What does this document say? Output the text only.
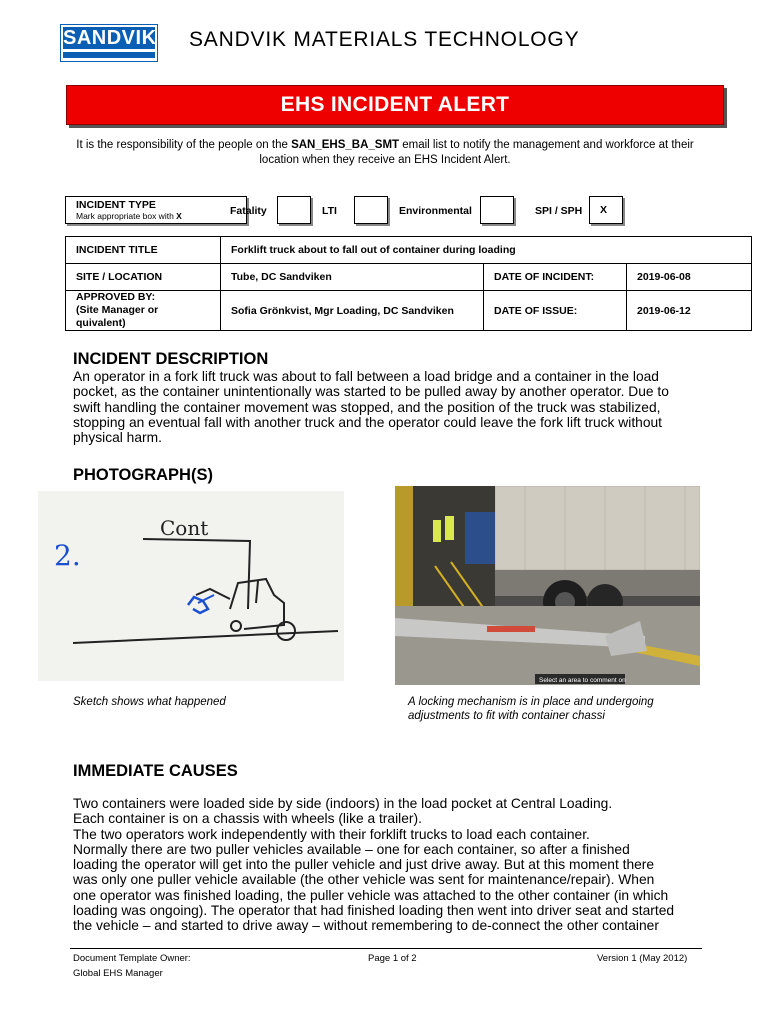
SANDVIK SANDVIK MATERIALS TECHNOLOGY
EHS INCIDENT ALERT
It is the responsibility of the people on the SAN_EHS_BA_SMT email list to notify the management and workforce at their location when they receive an EHS Incident Alert.
INCIDENT TYPE
Mark appropriate box with X	Fatality	LTI	Environmental	SPI / SPH	X
INCIDENT TITLE	Forklift truck about to fall out of container during loading		
SITE / LOCATION	Tube, DC Sandviken	DATE OF INCIDENT:	2019-06-08

APPROVED BY:
(Site Manager or quivalent)	Sofia Grönkvist, Mgr Loading, DC Sandviken	DATE OF ISSUE:	2019-06-12
INCIDENT DESCRIPTION
An operator in a fork lift truck was about to fall between a load bridge and a container in the load
pocket, as the container unintentionally was started to be pulled away by another operator. Due to
swift handling the container movement was stopped, and the position of the truck was stabilized,
stopping an eventual fall with another truck and the operator could leave the fork lift truck without
physical harm.
PHOTOGRAPH(S)
Cont
2.
Select an area to comment on
Sketch shows what happened	A locking mechanism is in place and undergoing
adjustments to fit with container chassi
IMMEDIATE CAUSES
Two containers were loaded side by side (indoors) in the load pocket at Central Loading.
Each container is on a chassis with wheels (like a trailer).
The two operators work independently with their forklift trucks to load each container.
Normally there are two puller vehicles available – one for each container, so after a finished
loading the operator will get into the puller vehicle and just drive away. But at this moment there
was only one puller vehicle available (the other vehicle was sent for maintenance/repair). When
one operator was finished loading, the puller vehicle was attached to the other container (in which
loading was ongoing). The operator that had finished loading then went into driver seat and started
the vehicle – and started to drive away – without remembering to de-connect the other container
Document Template Owner:
Global EHS Manager
Page 1 of 2	Version 1 (May 2012)
